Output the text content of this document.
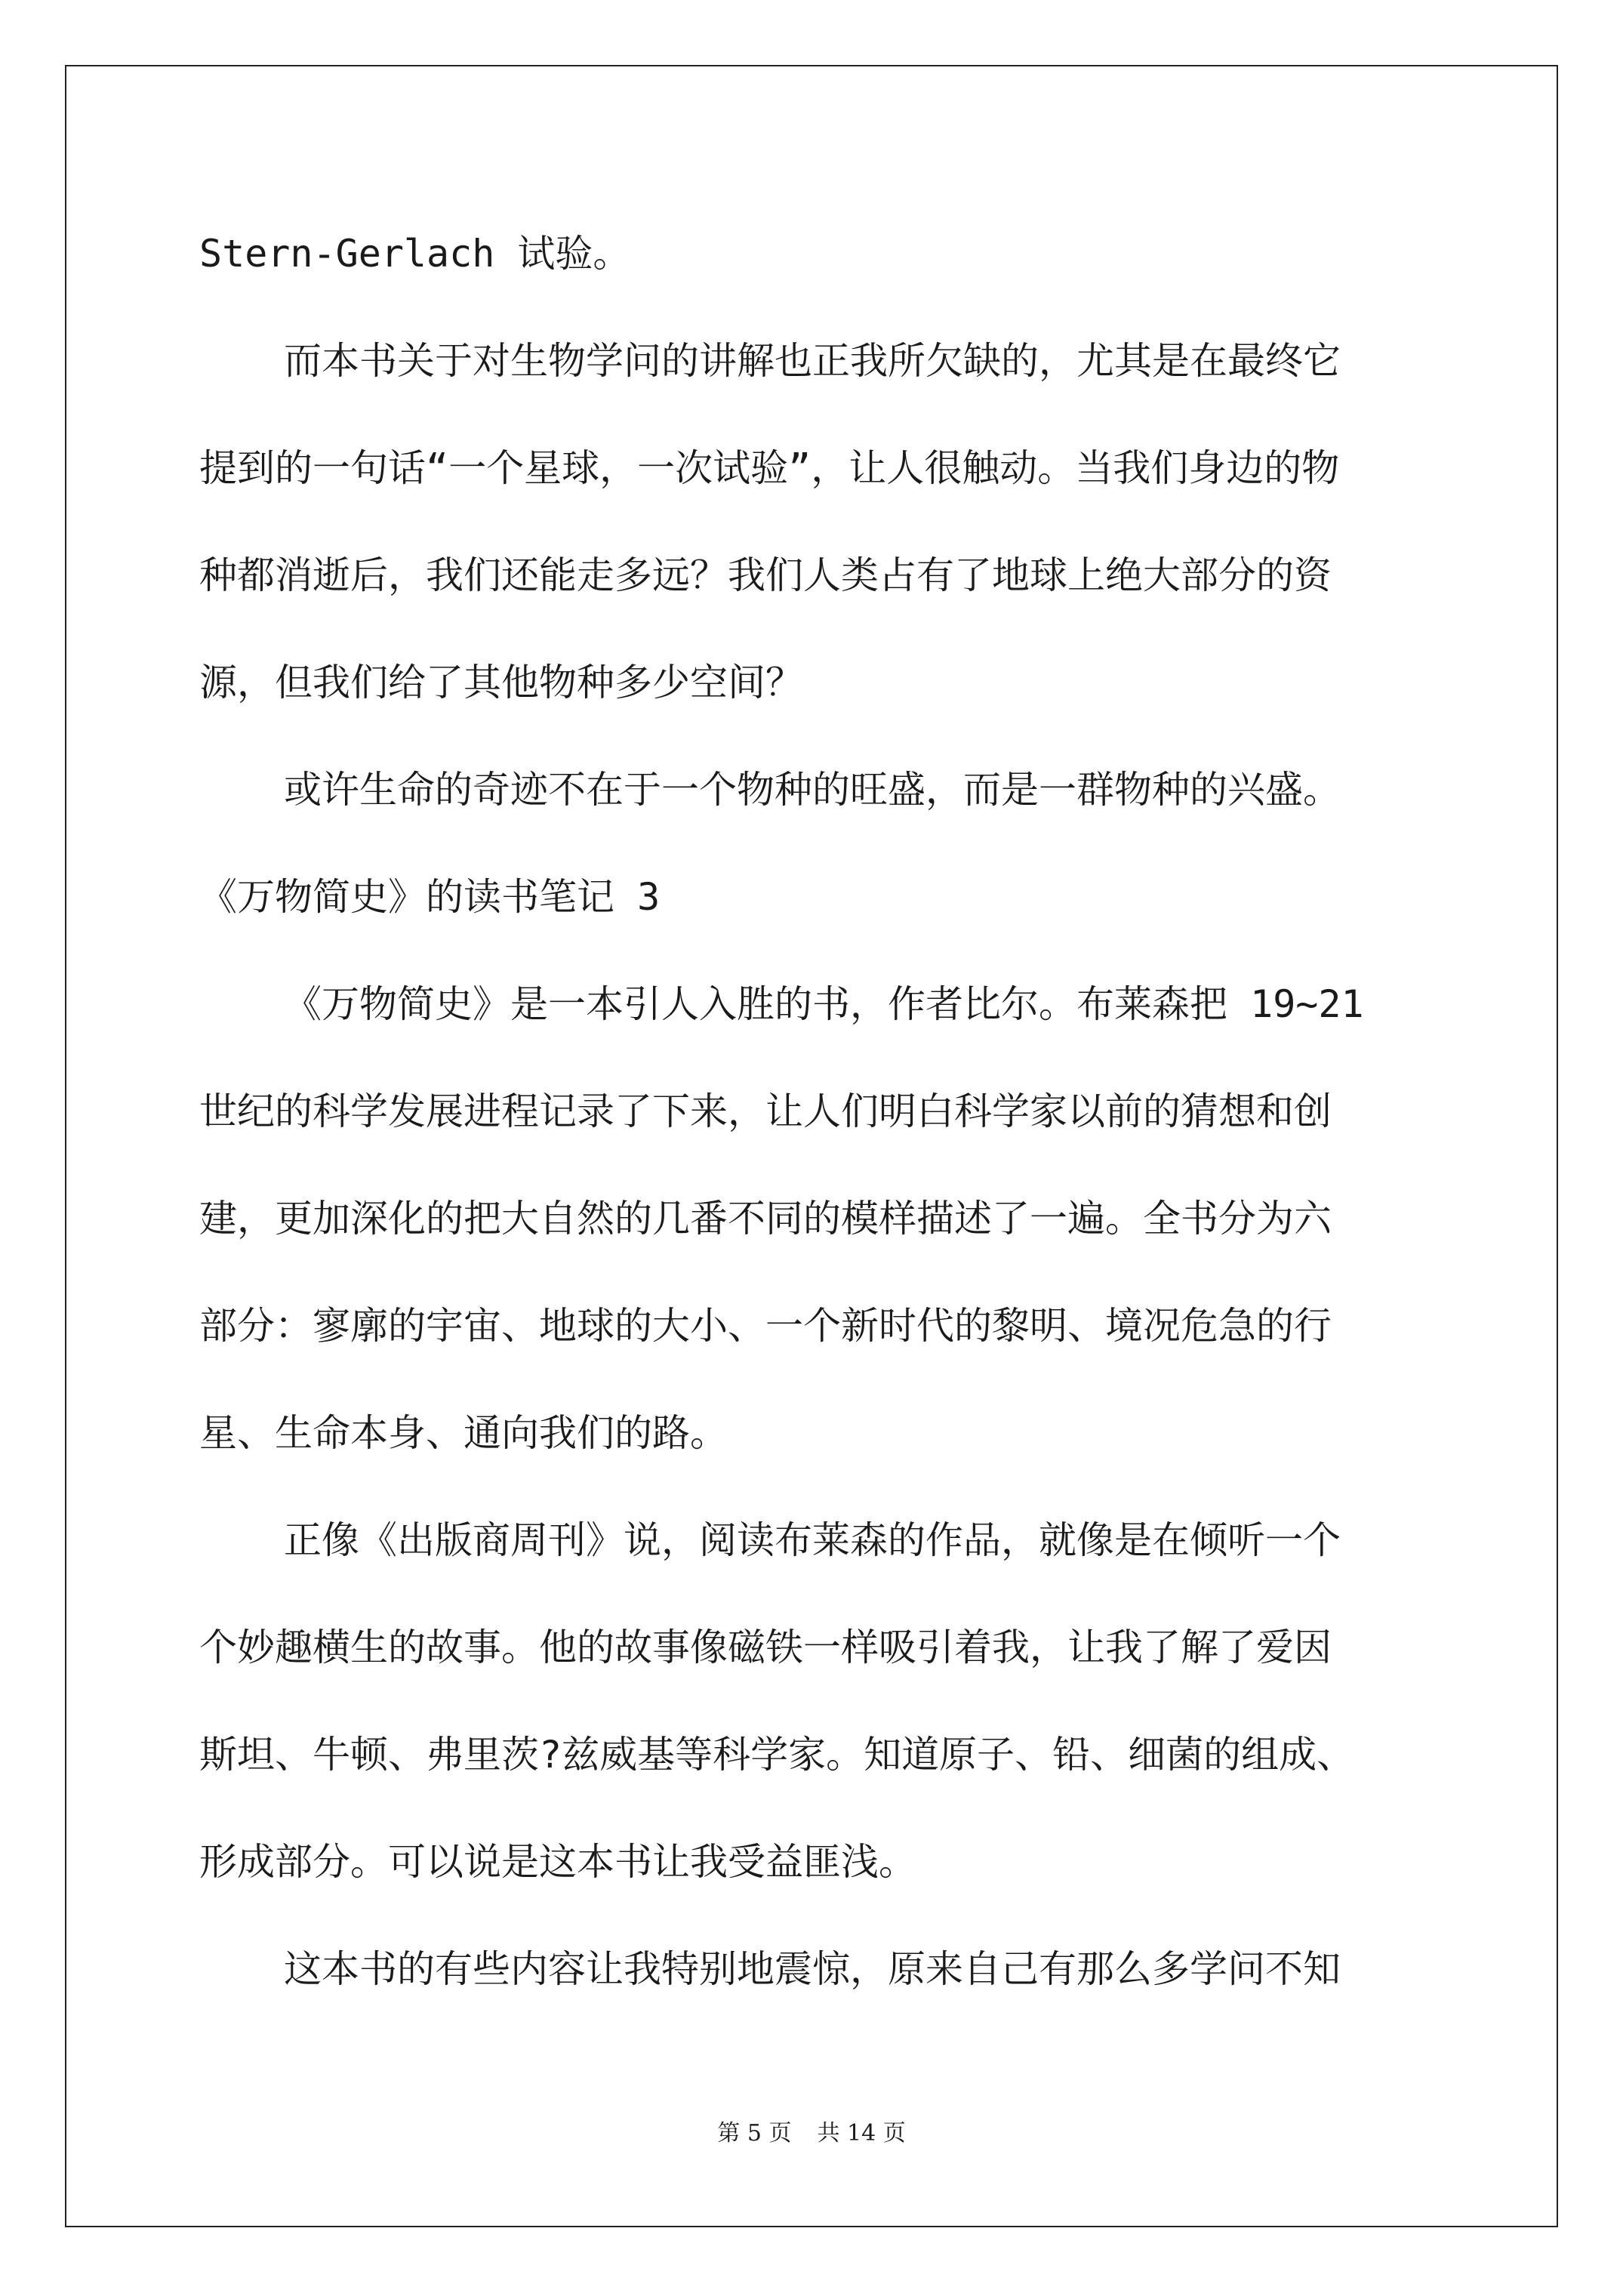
Stern-Gerlach 试验。
而本书关于对生物学问的讲解也正我所欠缺的，尤其是在最终它
提到的一句话“一个星球，一次试验”，让人很触动。当我们身边的物
种都消逝后，我们还能走多远？我们人类占有了地球上绝大部分的资
源，但我们给了其他物种多少空间？
或许生命的奇迹不在于一个物种的旺盛，而是一群物种的兴盛。
《万物简史》的读书笔记 3
《万物简史》是一本引人入胜的书，作者比尔。布莱森把 19~21
世纪的科学发展进程记录了下来，让人们明白科学家以前的猜想和创
建，更加深化的把大自然的几番不同的模样描述了一遍。全书分为六
部分：寥廓的宇宙、地球的大小、一个新时代的黎明、境况危急的行
星、生命本身、通向我们的路。
正像《出版商周刊》说，阅读布莱森的作品，就像是在倾听一个
个妙趣横生的故事。他的故事像磁铁一样吸引着我，让我了解了爱因
斯坦、牛顿、弗里茨?兹威基等科学家。知道原子、铅、细菌的组成、
形成部分。可以说是这本书让我受益匪浅。
这本书的有些内容让我特别地震惊，原来自己有那么多学问不知
第 5 页 共 14 页
